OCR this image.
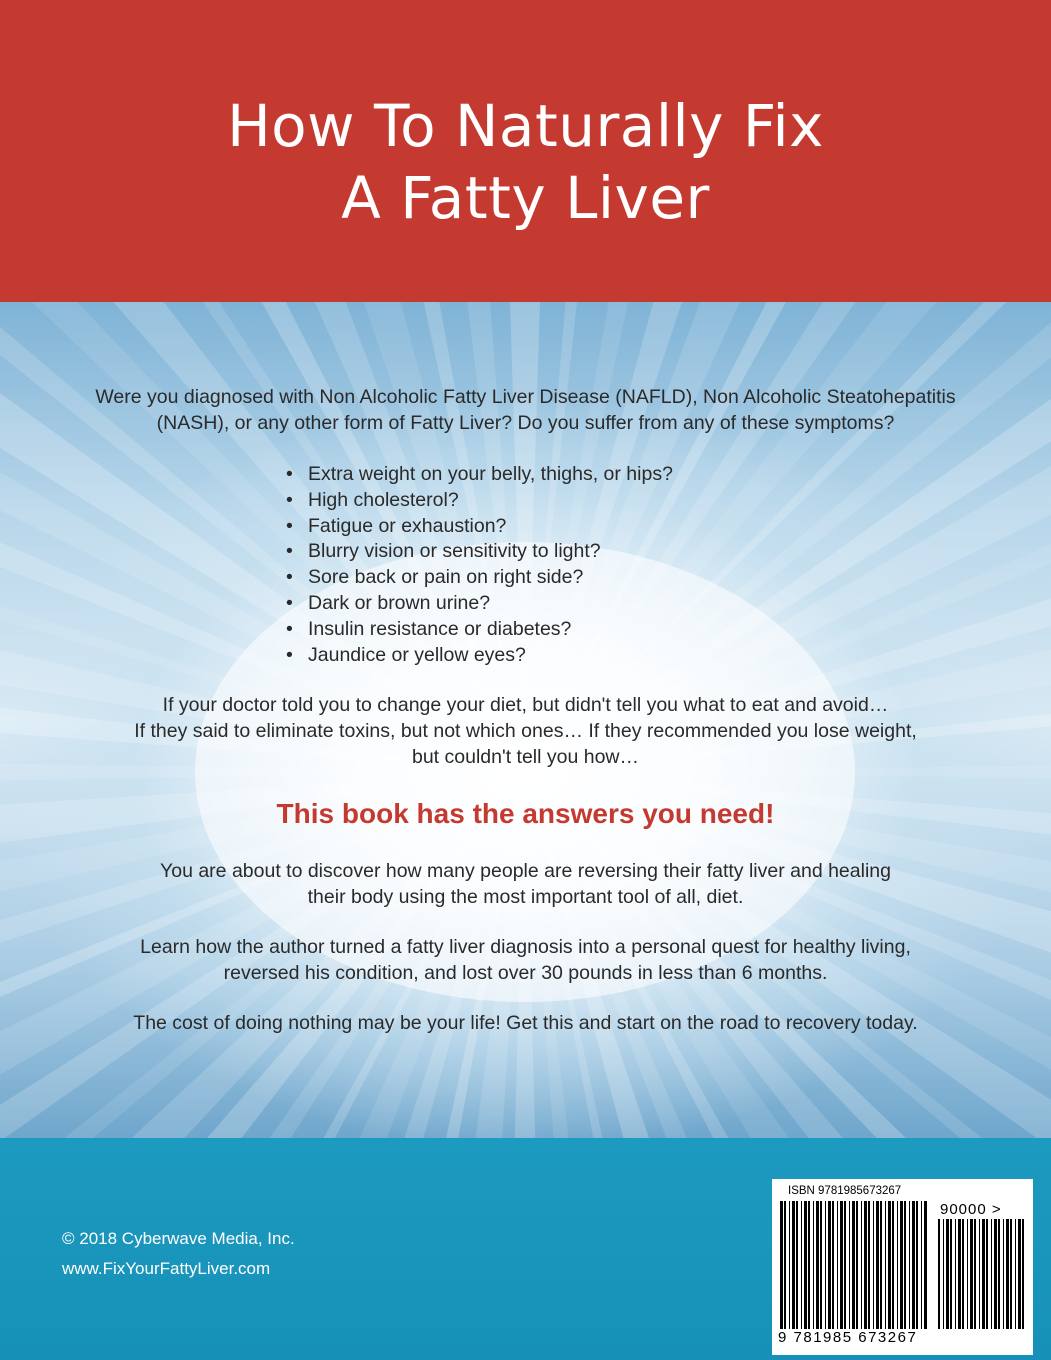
How To Naturally Fix
A Fatty Liver
Were you diagnosed with Non Alcoholic Fatty Liver Disease (NAFLD), Non Alcoholic Steatohepatitis
(NASH), or any other form of Fatty Liver? Do you suffer from any of these symptoms?
• Extra weight on your belly, thighs, or hips?
• High cholesterol?
• Fatigue or exhaustion?
• Blurry vision or sensitivity to light?
• Sore back or pain on right side?
• Dark or brown urine?
• Insulin resistance or diabetes?
• Jaundice or yellow eyes?
If your doctor told you to change your diet, but didn't tell you what to eat and avoid…
If they said to eliminate toxins, but not which ones… If they recommended you lose weight,
but couldn't tell you how…
This book has the answers you need!
You are about to discover how many people are reversing their fatty liver and healing
their body using the most important tool of all, diet.
Learn how the author turned a fatty liver diagnosis into a personal quest for healthy living,
reversed his condition, and lost over 30 pounds in less than 6 months.
The cost of doing nothing may be your life! Get this and start on the road to recovery today.
© 2018 Cyberwave Media, Inc.
www.FixYourFattyLiver.com
ISBN 9781985673267
90000 >
9 781985 673267
